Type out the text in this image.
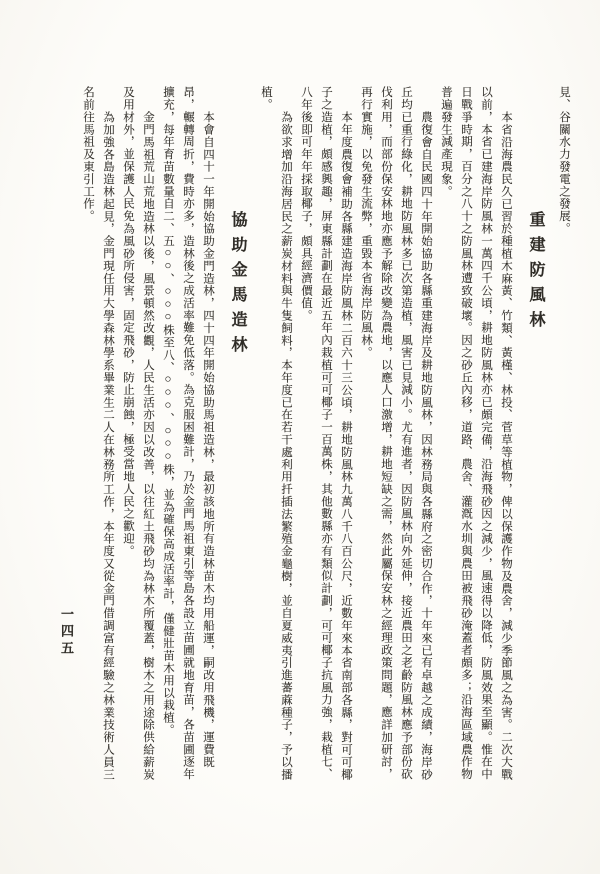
見、谷關水力發電之發展。

重建防風林

本省沿海農民久已習於種植木麻黃、竹類、黃槿、林投、菅草等植物，俾以保護作物及農舍，減少季節風之為害。二次大戰以前，本省已建海岸防風林一萬四千公頃，耕地防風林亦已頗完備，沿海飛砂因之減少，風速得以降低，防風效果至顯。惟在中日戰爭時期，百分之八十之防風林遭致破壞。因之砂丘內移，道路、農舍、灌漑水圳與農田被飛砂淹蓋者頗多；沿海區域農作物普遍發生減產現象。

農復會自民國四十年開始協助各縣重建海岸及耕地防風林，因林務局與各縣府之密切合作，十年來已有卓越之成績，海岸砂丘均已重行綠化，耕地防風林多已次第造植，風害已見減小。尤有進者，因防風林向外延伸，接近農田之老齡防風林應予部份砍伐利用，而部份保安林地亦應予解除改變為農地，以應人口激增，耕地短缺之需，然此屬保安林之經理政策問題，應詳加研討，再行實施，以免發生流弊，重毀本省海岸防風林。

本年度農復會補助各縣建造海岸防風林二百六十三公頃，耕地防風林九萬八千八百公尺，近數年來本省南部各縣，對可可椰子之造植，頗感興趣，屏東縣計劃在最近五年內栽植可可椰子一百萬株，其他數縣亦有類似計劃，可可椰子抗風力強，栽植七、八年後即可年年採取椰子，頗具經濟價值。

為欲求增加沿海居民之薪炭材料與牛隻飼料，本年度已在若干處利用扦插法繁殖金龜樹，並自夏威夷引進蕃蔴種子，予以播植。

協助金馬造林

本會自四十一年開始協助金門造林，四十四年開始協助馬祖造林，最初該地所有造林苗木均用船運，嗣改用飛機，運費既昂，輾轉周折，費時亦多，造林後之成活率難免低落。為克服困難計，乃於金門馬祖東引等島各設立苗圃就地育苗，各苗圃逐年擴充，每年育苗數量自二、五○○、○○○株至八、○○○、○○○株，並為確保高成活率計，僅健壯苗木用以栽植。

金門馬祖荒山荒地造林以後，風景頓然改觀，人民生活亦因以改善，以往紅土飛砂均為林木所覆蓋，樹木之用途除供給薪炭及用材外，並保護人民免為風砂所侵害，固定飛砂，防止崩蝕，極受當地人民之歡迎。

為加強各島造林起見，金門現任用大學森林學系畢業生二人在林務所工作，本年度又從金門借調富有經驗之林業技術人員三名前往馬祖及東引工作。

一四五
